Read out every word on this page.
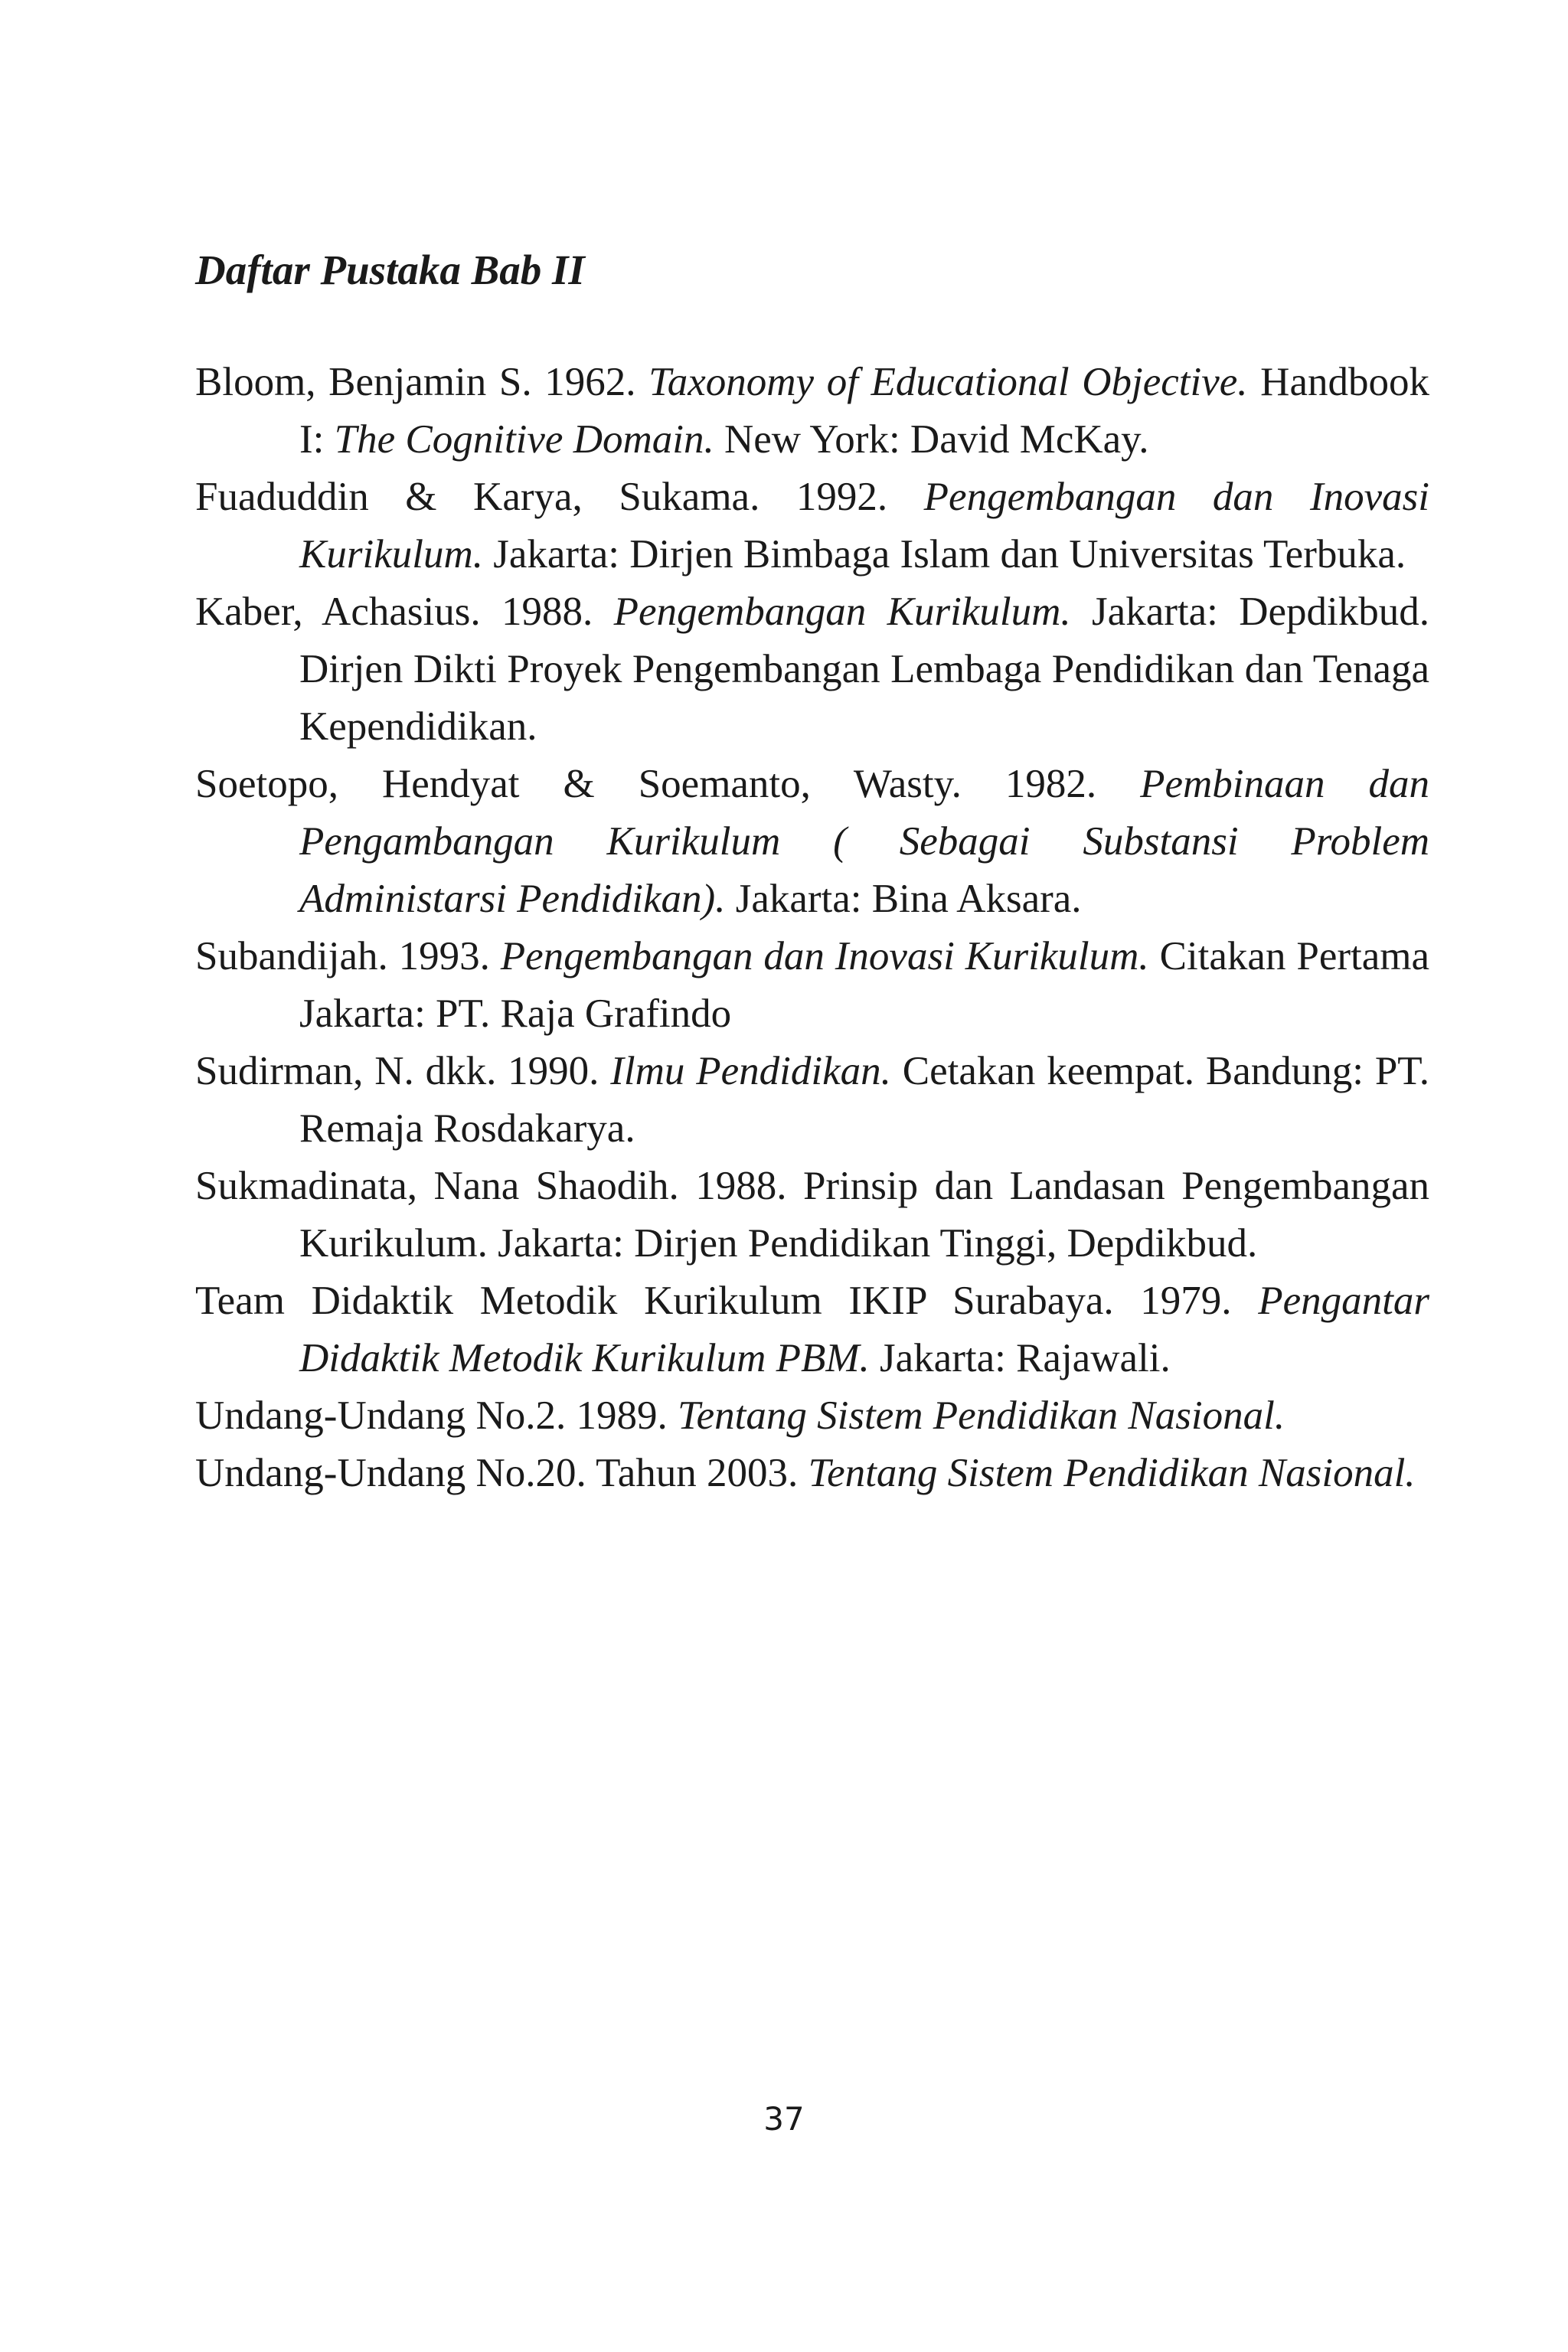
Daftar Pustaka Bab II
Bloom, Benjamin S. 1962. Taxonomy of Educational Objective. Handbook I: The Cognitive Domain. New York: David McKay.
Fuaduddin & Karya, Sukama. 1992. Pengembangan dan Inovasi Kurikulum. Jakarta: Dirjen Bimbaga Islam dan Universitas Terbuka.
Kaber, Achasius. 1988. Pengembangan Kurikulum. Jakarta: Depdikbud. Dirjen Dikti Proyek Pengembangan Lembaga Pendidikan dan Tenaga Kependidikan.
Soetopo, Hendyat & Soemanto, Wasty. 1982. Pembinaan dan Pengambangan Kurikulum ( Sebagai Substansi Problem Administarsi Pendidikan). Jakarta: Bina Aksara.
Subandijah. 1993. Pengembangan dan Inovasi Kurikulum. Citakan Pertama Jakarta: PT. Raja Grafindo
Sudirman, N. dkk. 1990. Ilmu Pendidikan. Cetakan keempat. Bandung: PT. Remaja Rosdakarya.
Sukmadinata, Nana Shaodih. 1988. Prinsip dan Landasan Pengembangan Kurikulum. Jakarta: Dirjen Pendidikan Tinggi, Depdikbud.
Team Didaktik Metodik Kurikulum IKIP Surabaya. 1979. Pengantar Didaktik Metodik Kurikulum PBM. Jakarta: Rajawali.
Undang-Undang No.2. 1989. Tentang Sistem Pendidikan Nasional.
Undang-Undang No.20. Tahun 2003. Tentang Sistem Pendidikan Nasional.
37
